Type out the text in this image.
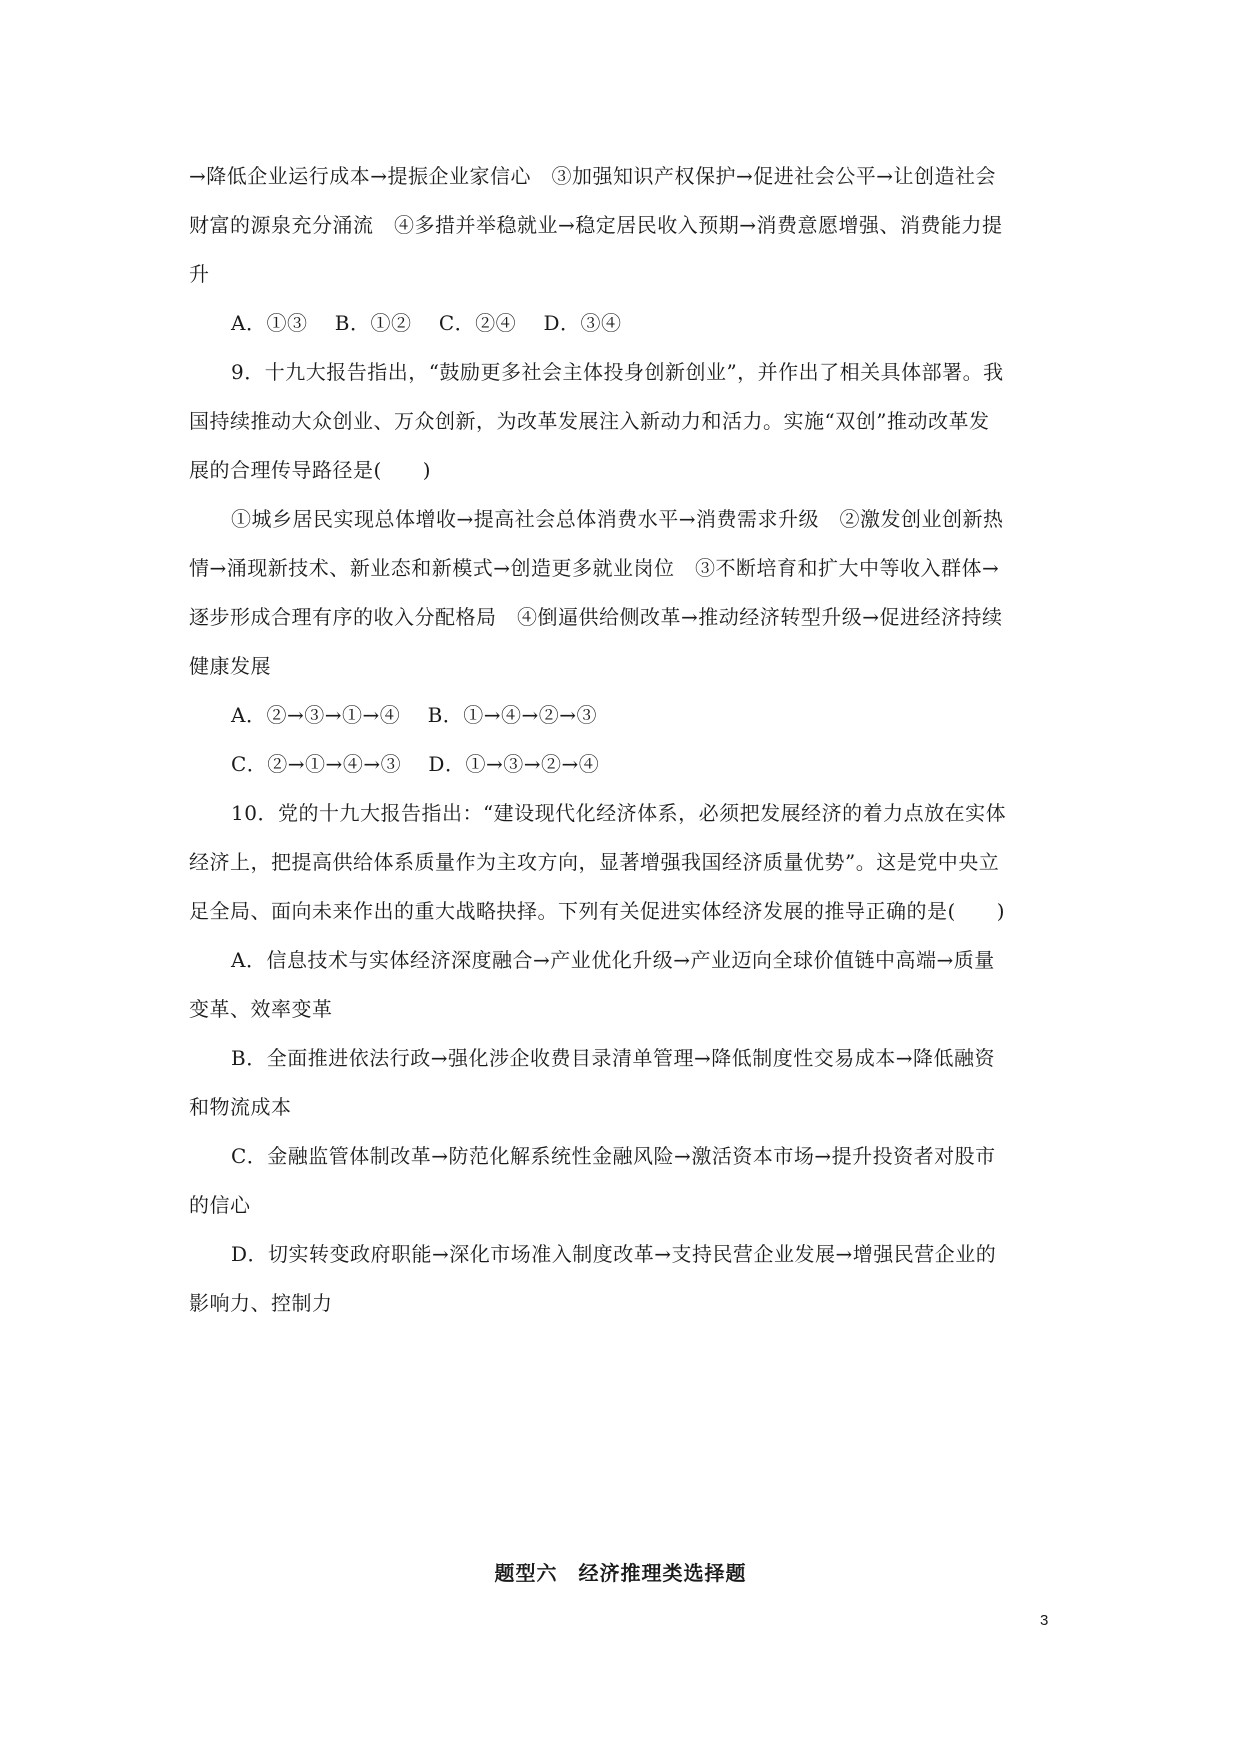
→降低企业运行成本→提振企业家信心　③加强知识产权保护→促进社会公平→让创造社会
财富的源泉充分涌流　④多措并举稳就业→稳定居民收入预期→消费意愿增强、消费能力提
升
A．①③　 B．①②　 C．②④　 D．③④
9．十九大报告指出，“鼓励更多社会主体投身创新创业”，并作出了相关具体部署。我
国持续推动大众创业、万众创新，为改革发展注入新动力和活力。实施“双创”推动改革发
展的合理传导路径是(　　)
①城乡居民实现总体增收→提高社会总体消费水平→消费需求升级　②激发创业创新热
情→涌现新技术、新业态和新模式→创造更多就业岗位　③不断培育和扩大中等收入群体→
逐步形成合理有序的收入分配格局　④倒逼供给侧改革→推动经济转型升级→促进经济持续
健康发展
A．②→③→①→④　 B．①→④→②→③
C．②→①→④→③　 D．①→③→②→④
10．党的十九大报告指出：“建设现代化经济体系，必须把发展经济的着力点放在实体
经济上，把提高供给体系质量作为主攻方向，显著增强我国经济质量优势”。这是党中央立
足全局、面向未来作出的重大战略抉择。下列有关促进实体经济发展的推导正确的是(　　)
A．信息技术与实体经济深度融合→产业优化升级→产业迈向全球价值链中高端→质量
变革、效率变革
B．全面推进依法行政→强化涉企收费目录清单管理→降低制度性交易成本→降低融资
和物流成本
C．金融监管体制改革→防范化解系统性金融风险→激活资本市场→提升投资者对股市
的信心
D．切实转变政府职能→深化市场准入制度改革→支持民营企业发展→增强民营企业的
影响力、控制力
题型六　经济推理类选择题
3
